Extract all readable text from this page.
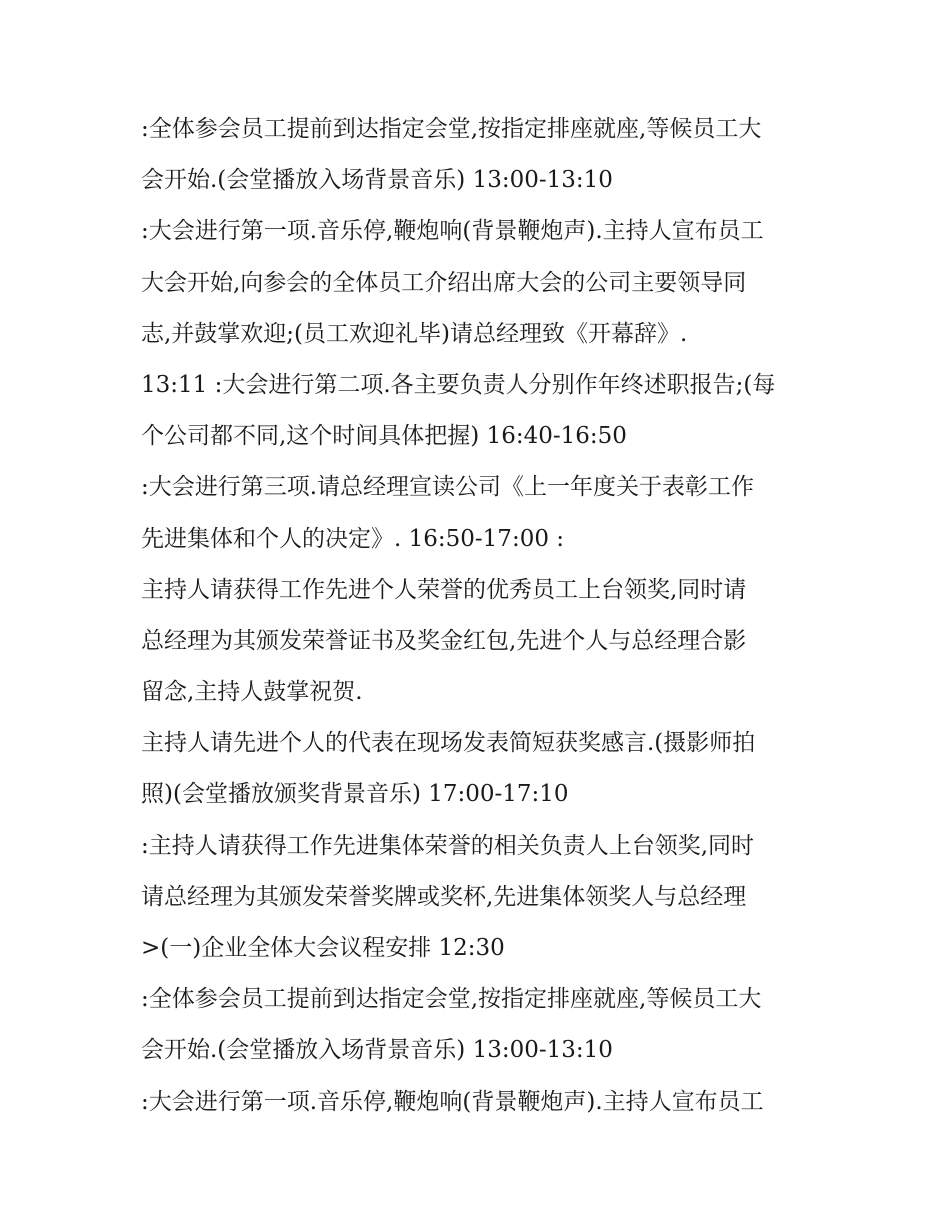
:全体参会员工提前到达指定会堂,按指定排座就座,等候员工大
会开始.(会堂播放入场背景音乐) 13:00-13:10
:大会进行第一项.音乐停,鞭炮响(背景鞭炮声).主持人宣布员工
大会开始,向参会的全体员工介绍出席大会的公司主要领导同
志,并鼓掌欢迎;(员工欢迎礼毕)请总经理致《开幕辞》.
13:11 :大会进行第二项.各主要负责人分别作年终述职报告;(每
个公司都不同,这个时间具体把握) 16:40-16:50
:大会进行第三项.请总经理宣读公司《上一年度关于表彰工作
先进集体和个人的决定》. 16:50-17:00 :
主持人请获得工作先进个人荣誉的优秀员工上台领奖,同时请
总经理为其颁发荣誉证书及奖金红包,先进个人与总经理合影
留念,主持人鼓掌祝贺.
主持人请先进个人的代表在现场发表简短获奖感言.(摄影师拍
照)(会堂播放颁奖背景音乐) 17:00-17:10
:主持人请获得工作先进集体荣誉的相关负责人上台领奖,同时
请总经理为其颁发荣誉奖牌或奖杯,先进集体领奖人与总经理
>(一)企业全体大会议程安排 12:30
:全体参会员工提前到达指定会堂,按指定排座就座,等候员工大
会开始.(会堂播放入场背景音乐) 13:00-13:10
:大会进行第一项.音乐停,鞭炮响(背景鞭炮声).主持人宣布员工
